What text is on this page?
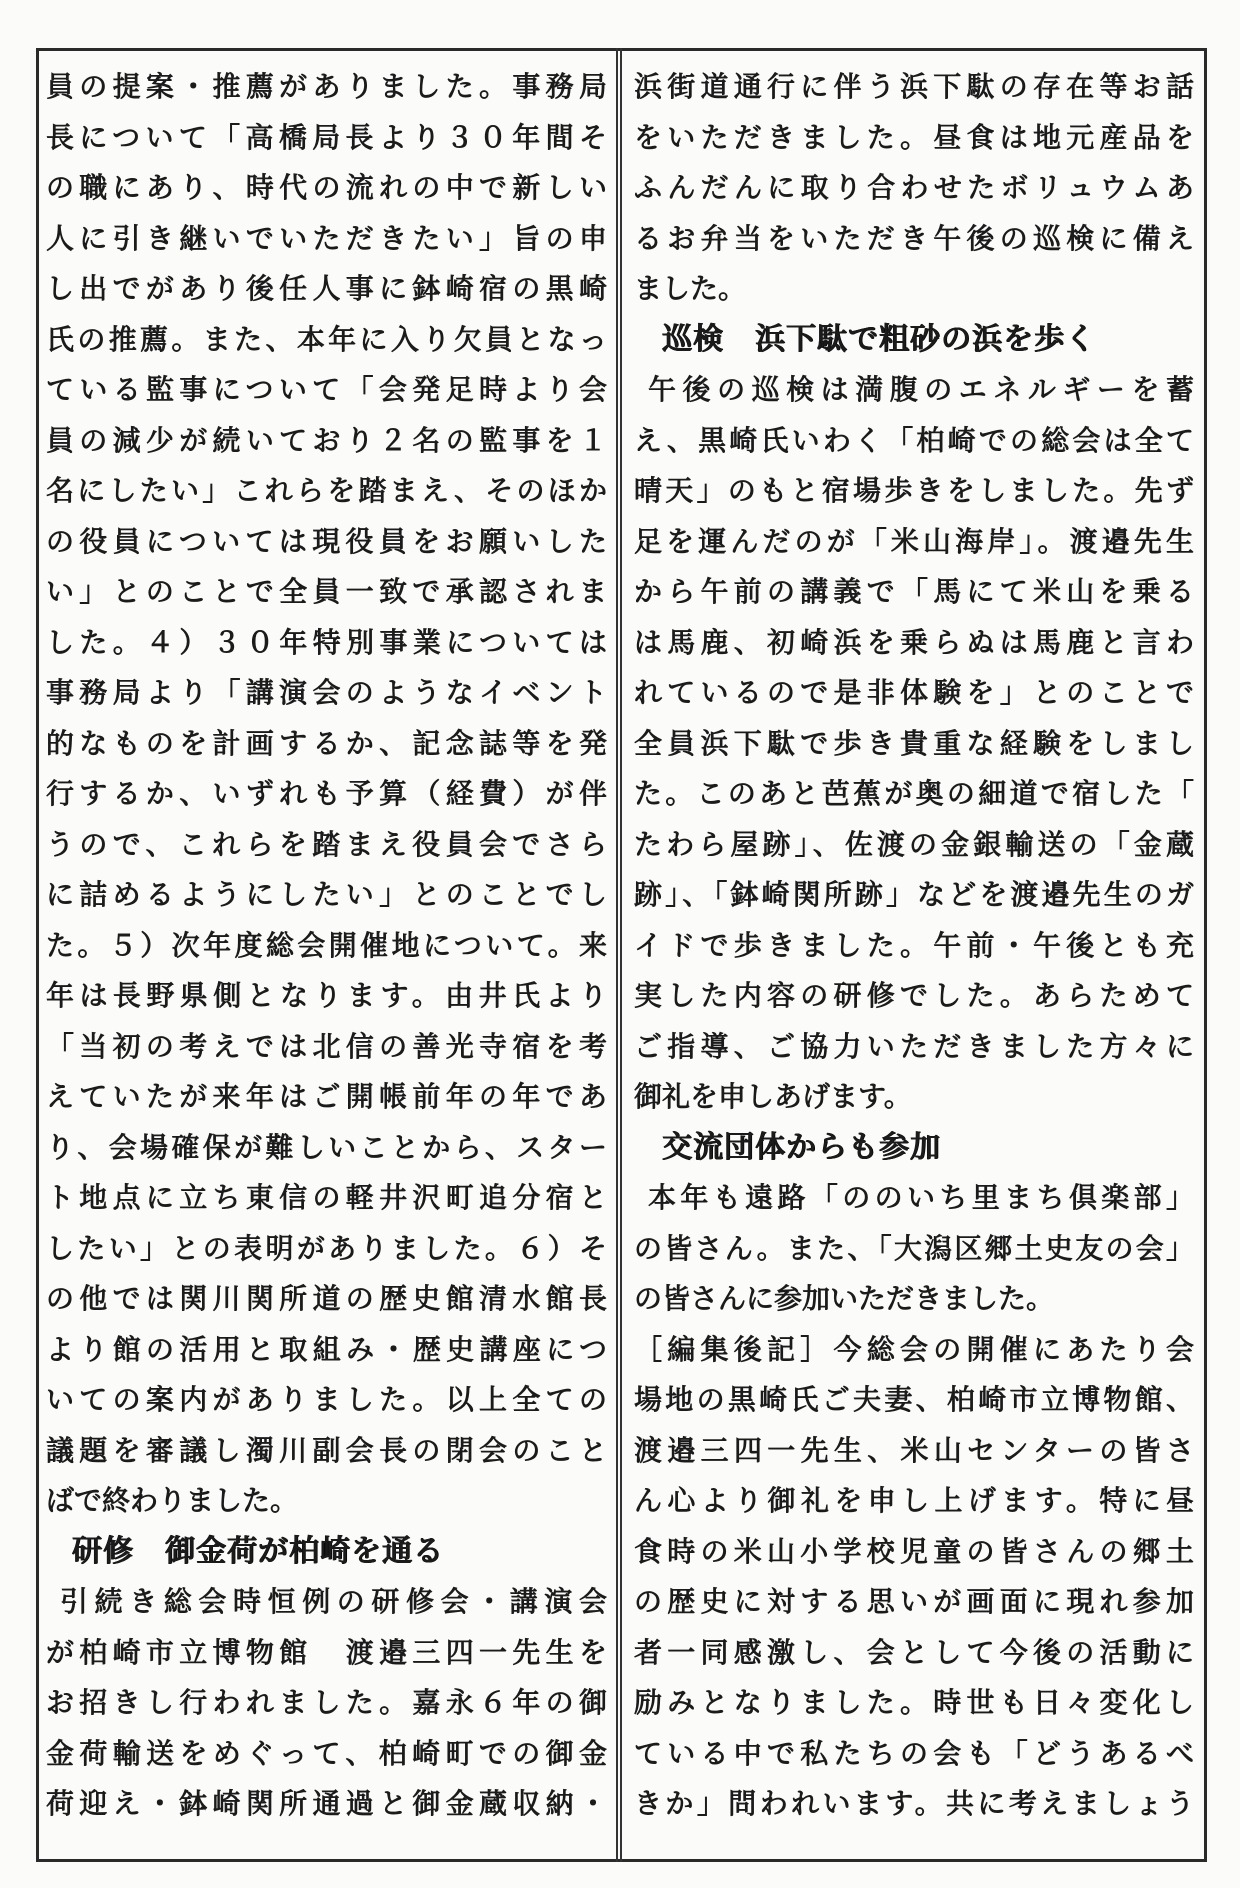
員の提案・推薦がありました。事務局
長について「高橋局長より３０年間そ
の職にあり、時代の流れの中で新しい
人に引き継いでいただきたい」旨の申
し出でがあり後任人事に鉢崎宿の黒崎
氏の推薦。また、本年に入り欠員となっ
ている監事について「会発足時より会
員の減少が続いており２名の監事を１
名にしたい」これらを踏まえ、そのほか
の役員については現役員をお願いした
い」とのことで全員一致で承認されま
した。４）３０年特別事業については
事務局より「講演会のようなイベント
的なものを計画するか、記念誌等を発
行するか、いずれも予算（経費）が伴
うので、これらを踏まえ役員会でさら
に詰めるようにしたい」とのことでし
た。５）次年度総会開催地について。来
年は長野県側となります。由井氏より
「当初の考えでは北信の善光寺宿を考
えていたが来年はご開帳前年の年であ
り、会場確保が難しいことから、スター
ト地点に立ち東信の軽井沢町追分宿と
したい」との表明がありました。６）そ
の他では関川関所道の歴史館清水館長
より館の活用と取組み・歴史講座につ
いての案内がありました。以上全ての
議題を審議し濁川副会長の閉会のこと
ばで終わりました。
研修　御金荷が柏崎を通る
引続き総会時恒例の研修会・講演会
が柏崎市立博物館　渡邉三四一先生を
お招きし行われました。嘉永６年の御
金荷輸送をめぐって、柏崎町での御金
荷迎え・鉢崎関所通過と御金蔵収納・
浜街道通行に伴う浜下駄の存在等お話
をいただきました。昼食は地元産品を
ふんだんに取り合わせたボリュウムあ
るお弁当をいただき午後の巡検に備え
ました。
巡検　浜下駄で粗砂の浜を歩く
午後の巡検は満腹のエネルギーを蓄
え、黒崎氏いわく「柏崎での総会は全て
晴天」のもと宿場歩きをしました。先ず
足を運んだのが「米山海岸」。渡邉先生
から午前の講義で「馬にて米山を乗る
は馬鹿、初崎浜を乗らぬは馬鹿と言わ
れているので是非体験を」とのことで
全員浜下駄で歩き貴重な経験をしまし
た。このあと芭蕉が奥の細道で宿した「
たわら屋跡」、佐渡の金銀輸送の「金蔵
跡」、「鉢崎関所跡」などを渡邉先生のガ
イドで歩きました。午前・午後とも充
実した内容の研修でした。あらためて
ご指導、ご協力いただきました方々に
御礼を申しあげます。
交流団体からも参加
本年も遠路「ののいち里まち倶楽部」
の皆さん。また、「大潟区郷土史友の会」
の皆さんに参加いただきました。
［編集後記］今総会の開催にあたり会
場地の黒崎氏ご夫妻、柏崎市立博物館、
渡邉三四一先生、米山センターの皆さ
ん心より御礼を申し上げます。特に昼
食時の米山小学校児童の皆さんの郷土
の歴史に対する思いが画面に現れ参加
者一同感激し、会として今後の活動に
励みとなりました。時世も日々変化し
ている中で私たちの会も「どうあるべ
きか」問われいます。共に考えましょう
